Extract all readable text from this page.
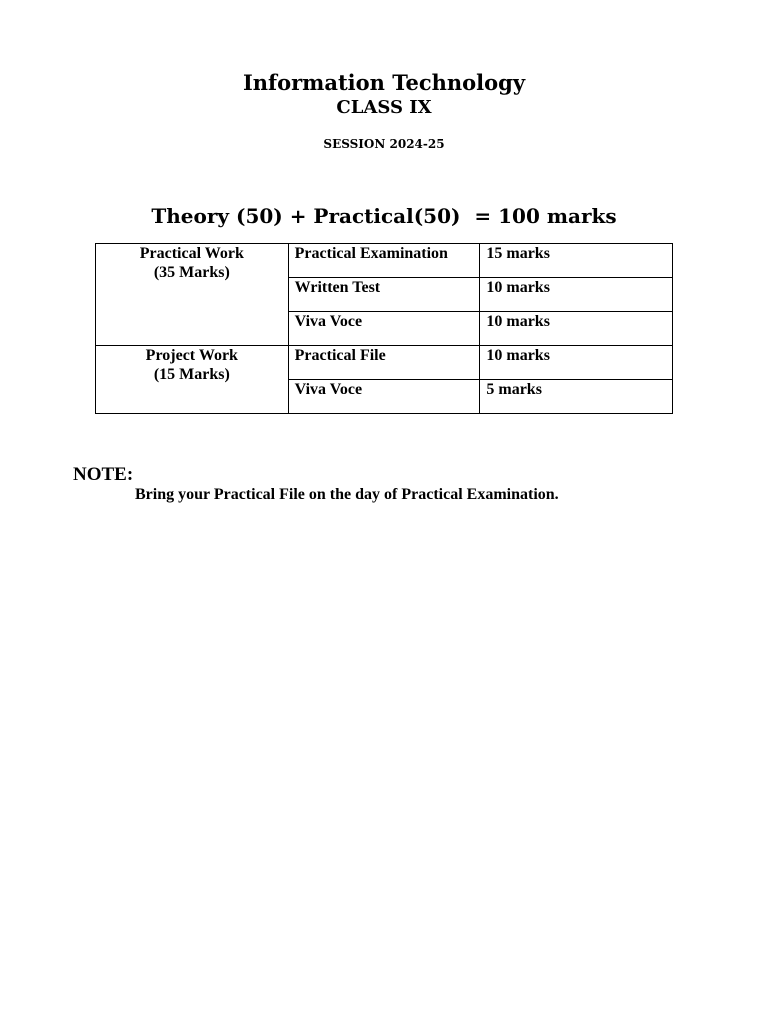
Information Technology
CLASS IX
SESSION 2024-25
Theory (50) + Practical(50)  = 100 marks
Practical Work
(35 Marks)	Practical Examination	15 marks
	Written Test	10 marks
	Viva Voce	10 marks

Project Work
(15 Marks)	Practical File	10 marks
	Viva Voce	5 marks
NOTE:
Bring your Practical File on the day of Practical Examination.
